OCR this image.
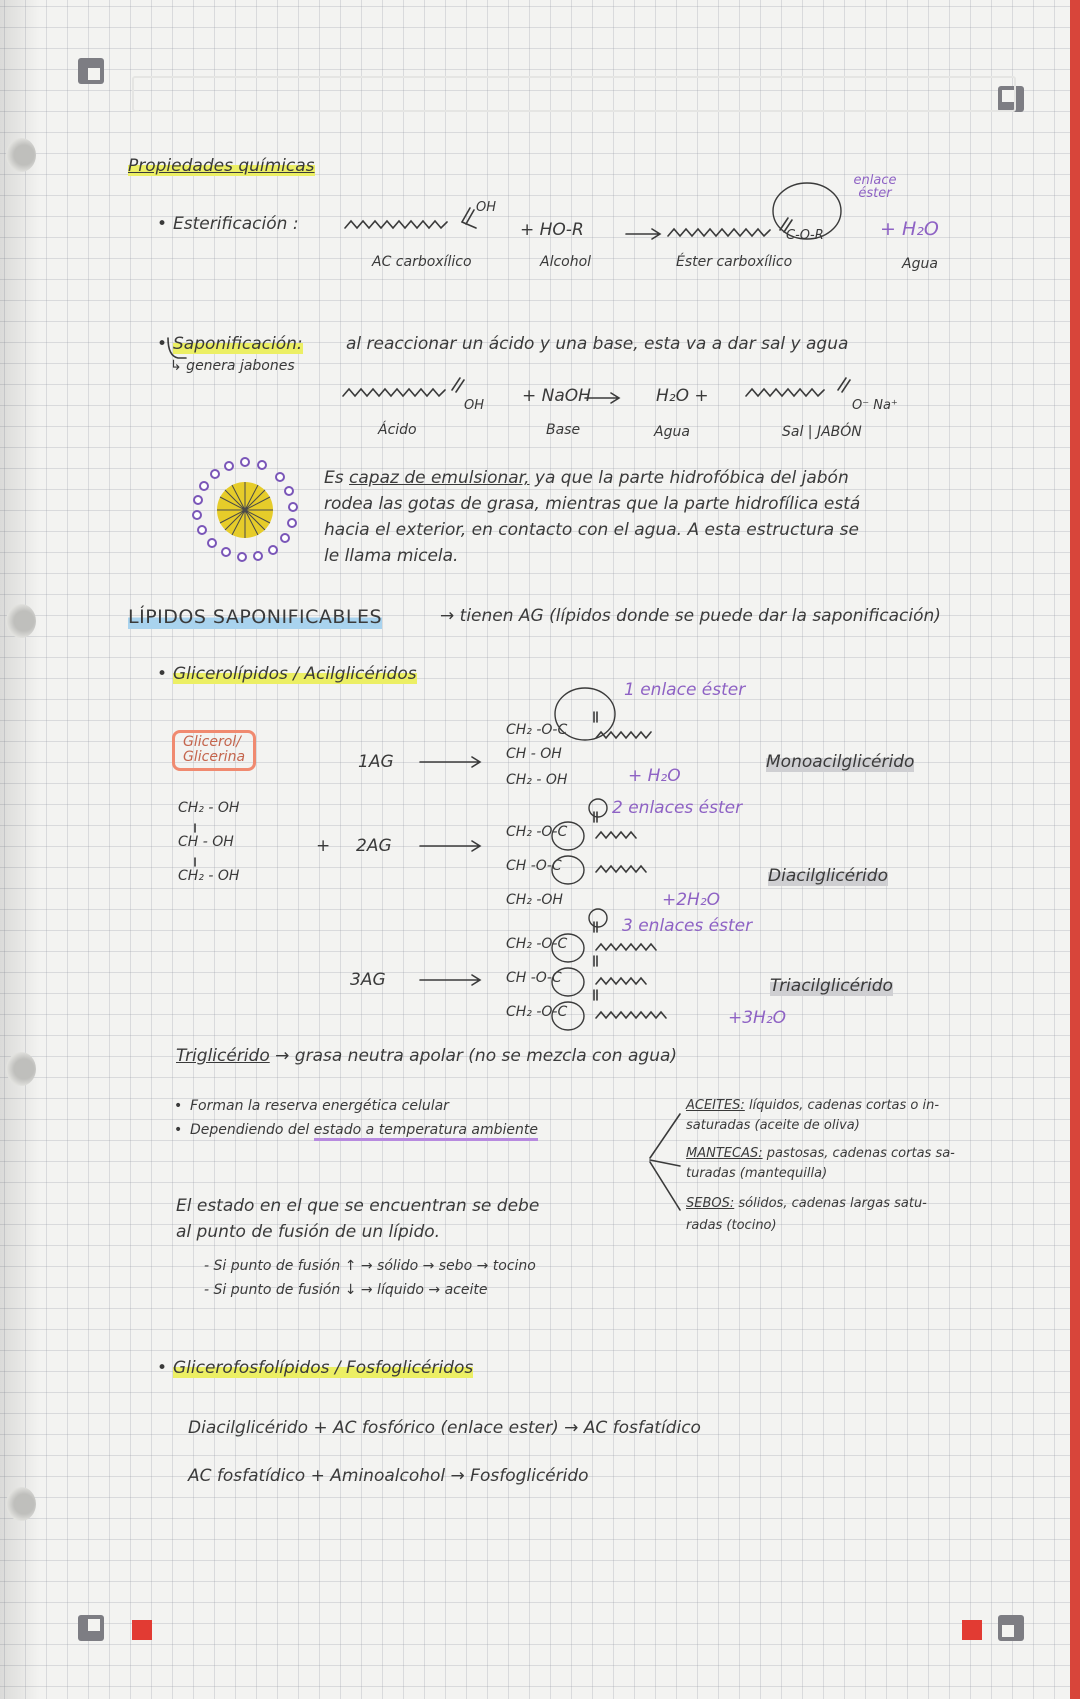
Propiedades químicas
• Esterificación :
OH
+ HO-R	C-O-R	+ H₂O
enlace éster
AC carboxílico	Alcohol	Éster carboxílico	Agua
• Saponificación:	al reaccionar un ácido y una base, esta va a dar sal y agua
↳ genera jabones
OH + NaOH	H₂O +	O⁻ Na⁺
Ácido	Base	Agua	Sal | JABÓN
Es capaz de emulsionar, ya que la parte hidrofóbica del jabón
rodea las gotas de grasa, mientras que la parte hidrofílica está
hacia el exterior, en contacto con el agua. A esta estructura se
le llama micela.
LÍPIDOS SAPONIFICABLES	→ tienen AG (lípidos donde se puede dar la saponificación)
• Glicerolípidos / Acilglicéridos
Glicerol/
Glicerina
CH₂ - OH
CH - OH
CH₂ - OH
+
1AG
2AG
3AG
CH₂ -O-C
CH - OH
CH₂ - OH
1 enlace éster
+ H₂O
Monoacilglicérido
CH₂ -O-C
CH -O-C
CH₂ -OH
2 enlaces éster
+2H₂O
Diacilglicérido
CH₂ -O-C
CH -O-C
CH₂ -O-C
3 enlaces éster
+3H₂O
Triacilglicérido
Triglicérido → grasa neutra apolar (no se mezcla con agua)
• Forman la reserva energética celular
• Dependiendo del estado a temperatura ambiente
ACEITES: líquidos, cadenas cortas o in-
saturadas (aceite de oliva)
MANTECAS: pastosas, cadenas cortas sa-
turadas (mantequilla)
SEBOS: sólidos, cadenas largas satu-
radas (tocino)
El estado en el que se encuentran se debe
al punto de fusión de un lípido.
- Si punto de fusión ↑ → sólido → sebo → tocino
- Si punto de fusión ↓ → líquido → aceite
• Glicerofosfolípidos / Fosfoglicéridos
Diacilglicérido + AC fosfórico (enlace ester) → AC fosfatídico
AC fosfatídico + Aminoalcohol → Fosfoglicérido
